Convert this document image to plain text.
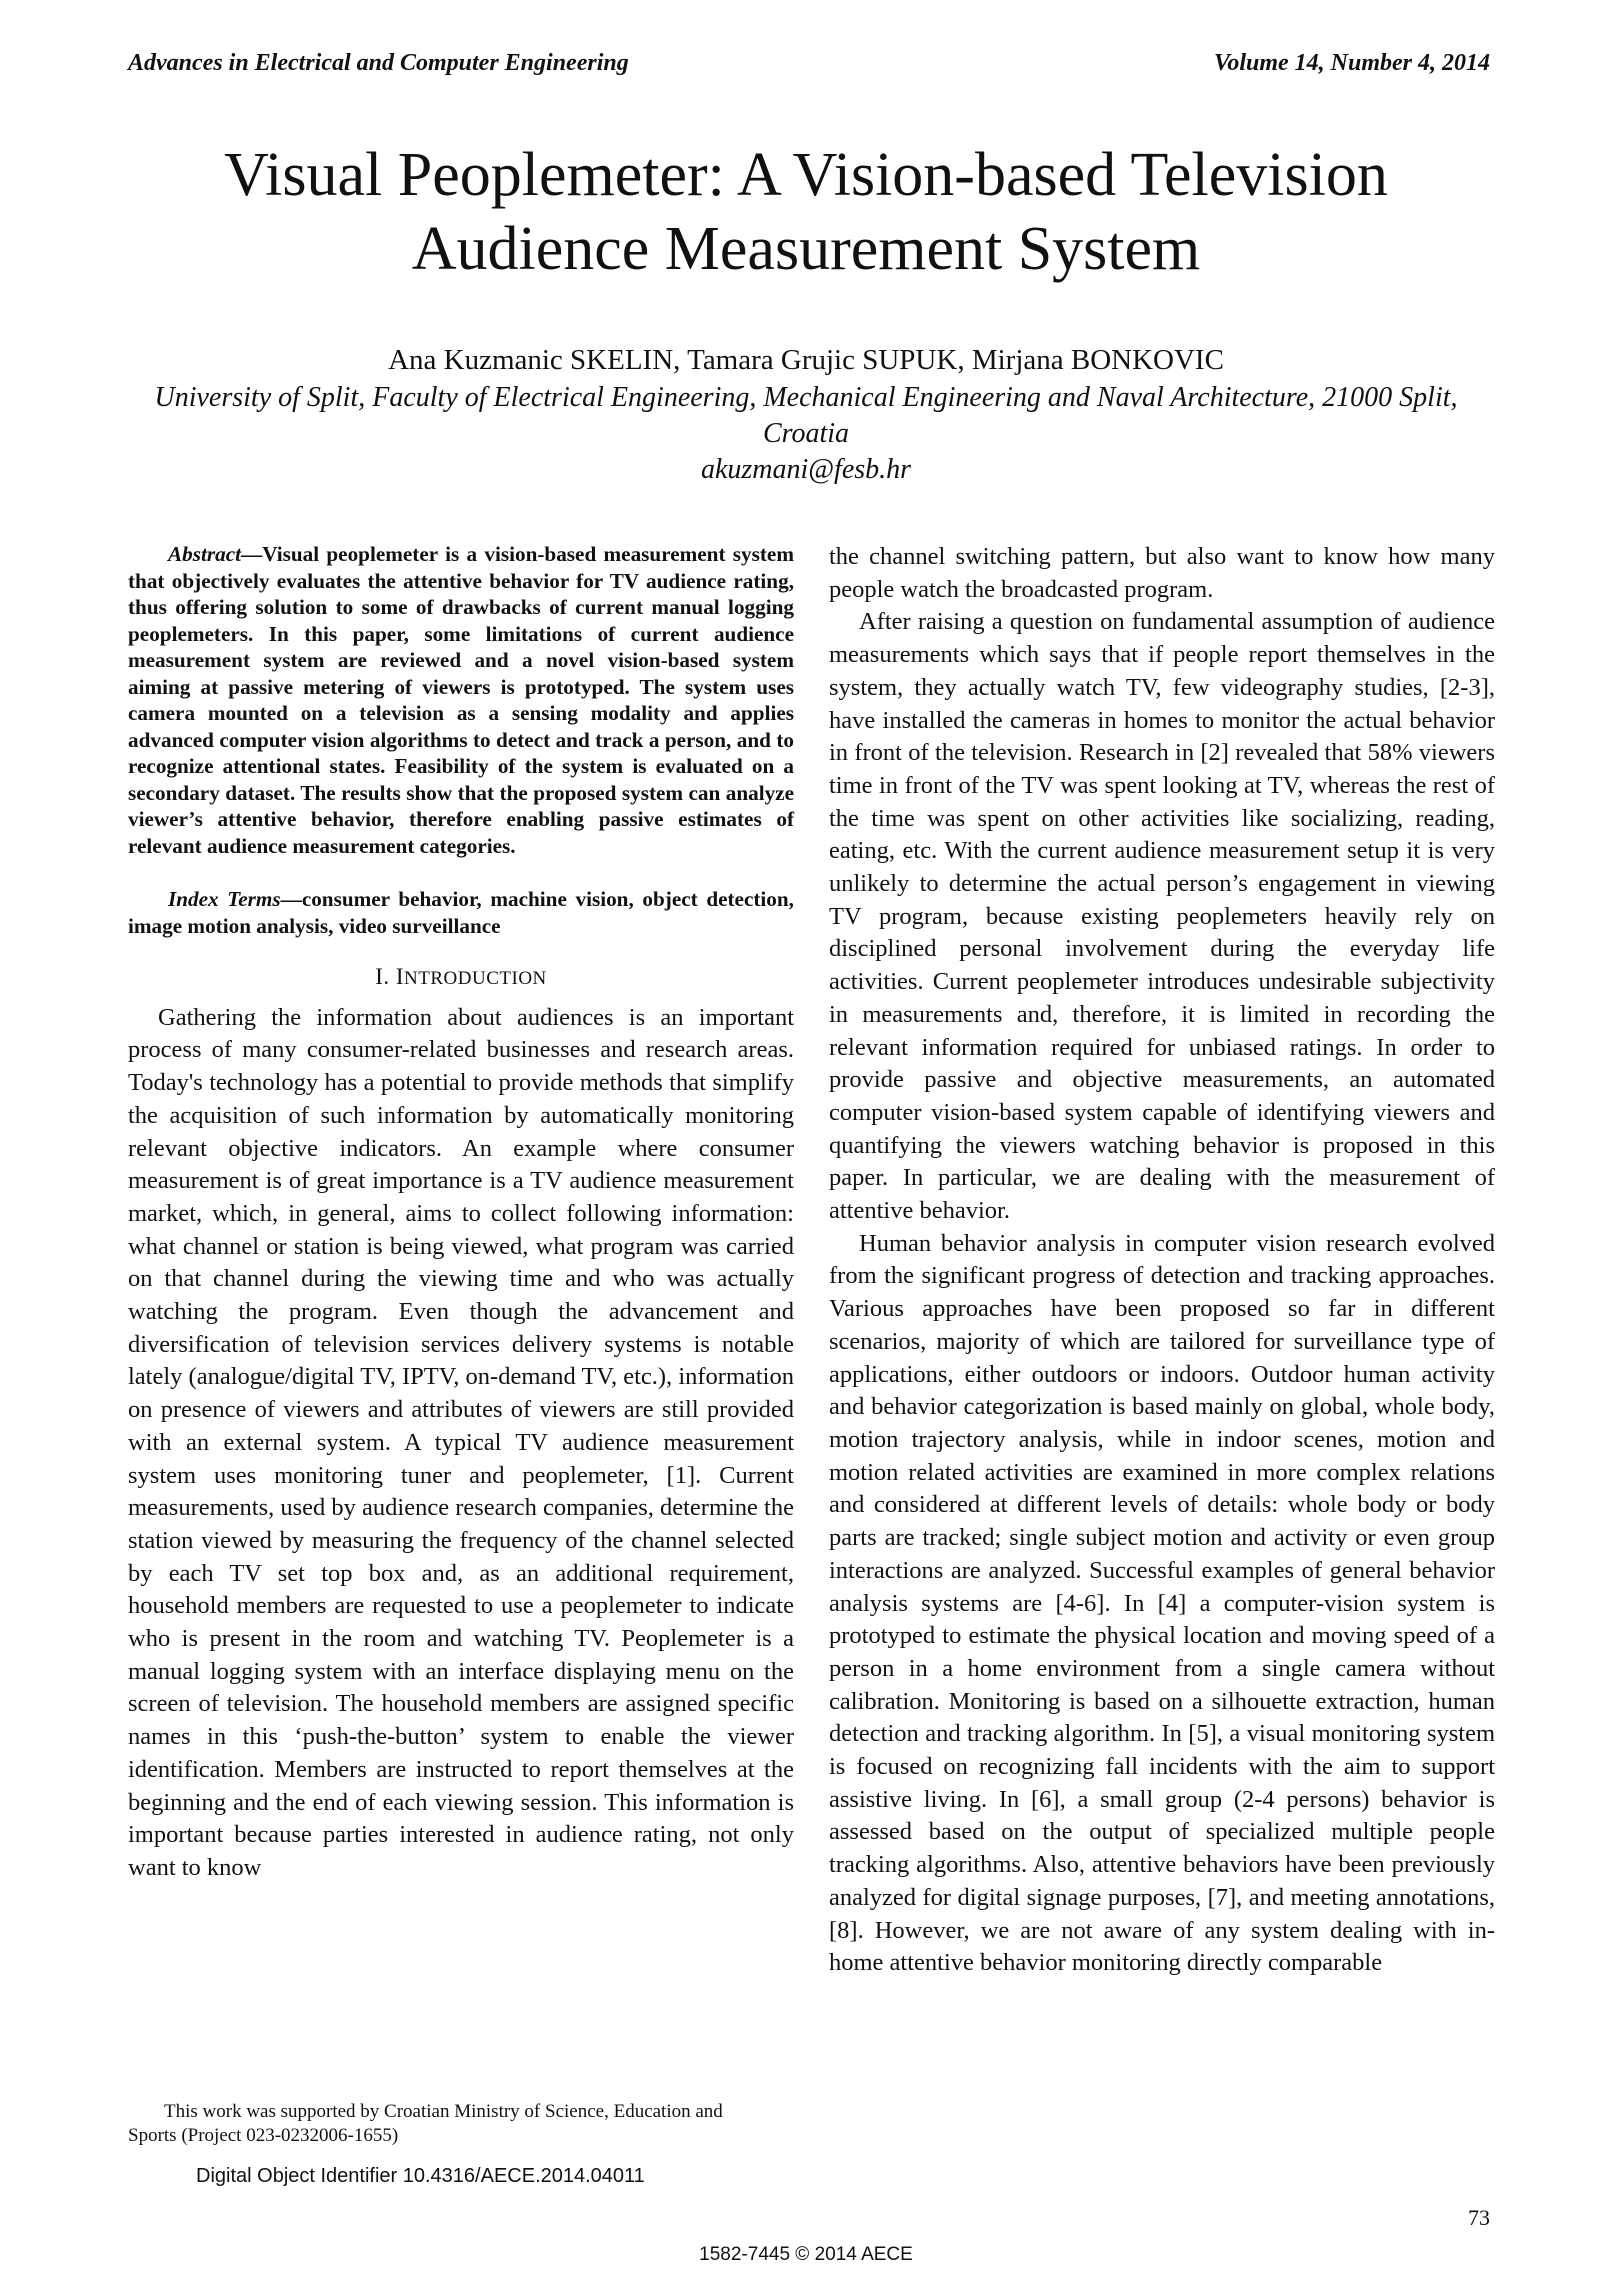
Advances in Electrical and Computer Engineering	Volume 14, Number 4, 2014
Visual Peoplemeter: A Vision-based Television Audience Measurement System
Ana Kuzmanic SKELIN, Tamara Grujic SUPUK, Mirjana BONKOVIC
University of Split, Faculty of Electrical Engineering, Mechanical Engineering and Naval Architecture, 21000 Split, Croatia
akuzmani@fesb.hr

Abstract—Visual peoplemeter is a vision-based measurement system that objectively evaluates the attentive behavior for TV audience rating, thus offering solution to some of drawbacks of current manual logging peoplemeters. In this paper, some limitations of current audience measurement system are reviewed and a novel vision-based system aiming at passive metering of viewers is prototyped. The system uses camera mounted on a television as a sensing modality and applies advanced computer vision algorithms to detect and track a person, and to recognize attentional states. Feasibility of the system is evaluated on a secondary dataset. The results show that the proposed system can analyze viewer’s attentive behavior, therefore enabling passive estimates of relevant audience measurement categories.

Index Terms—consumer behavior, machine vision, object detection, image motion analysis, video surveillance

I. INTRODUCTION

Gathering the information about audiences is an important process of many consumer-related businesses and research areas. Today's technology has a potential to provide methods that simplify the acquisition of such information by automatically monitoring relevant objective indicators. An example where consumer measurement is of great importance is a TV audience measurement market, which, in general, aims to collect following information: what channel or station is being viewed, what program was carried on that channel during the viewing time and who was actually watching the program. Even though the advancement and diversification of television services delivery systems is notable lately (analogue/digital TV, IPTV, on-demand TV, etc.), information on presence of viewers and attributes of viewers are still provided with an external system. A typical TV audience measurement system uses monitoring tuner and peoplemeter, [1]. Current measurements, used by audience research companies, determine the station viewed by measuring the frequency of the channel selected by each TV set top box and, as an additional requirement, household members are requested to use a peoplemeter to indicate who is present in the room and watching TV. Peoplemeter is a manual logging system with an interface displaying menu on the screen of television. The household members are assigned specific names in this ‘push-the-button’ system to enable the viewer identification. Members are instructed to report themselves at the beginning and the end of each viewing session. This information is important because parties interested in audience rating, not only want to know

the channel switching pattern, but also want to know how many people watch the broadcasted program.

After raising a question on fundamental assumption of audience measurements which says that if people report themselves in the system, they actually watch TV, few videography studies, [2-3], have installed the cameras in homes to monitor the actual behavior in front of the television. Research in [2] revealed that 58% viewers time in front of the TV was spent looking at TV, whereas the rest of the time was spent on other activities like socializing, reading, eating, etc. With the current audience measurement setup it is very unlikely to determine the actual person’s engagement in viewing TV program, because existing peoplemeters heavily rely on disciplined personal involvement during the everyday life activities. Current peoplemeter introduces undesirable subjectivity in measurements and, therefore, it is limited in recording the relevant information required for unbiased ratings. In order to provide passive and objective measurements, an automated computer vision-based system capable of identifying viewers and quantifying the viewers watching behavior is proposed in this paper. In particular, we are dealing with the measurement of attentive behavior.

Human behavior analysis in computer vision research evolved from the significant progress of detection and tracking approaches. Various approaches have been proposed so far in different scenarios, majority of which are tailored for surveillance type of applications, either outdoors or indoors. Outdoor human activity and behavior categorization is based mainly on global, whole body, motion trajectory analysis, while in indoor scenes, motion and motion related activities are examined in more complex relations and considered at different levels of details: whole body or body parts are tracked; single subject motion and activity or even group interactions are analyzed. Successful examples of general behavior analysis systems are [4-6]. In [4] a computer-vision system is prototyped to estimate the physical location and moving speed of a person in a home environment from a single camera without calibration. Monitoring is based on a silhouette extraction, human detection and tracking algorithm. In [5], a visual monitoring system is focused on recognizing fall incidents with the aim to support assistive living. In [6], a small group (2-4 persons) behavior is assessed based on the output of specialized multiple people tracking algorithms. Also, attentive behaviors have been previously analyzed for digital signage purposes, [7], and meeting annotations, [8]. However, we are not aware of any system dealing with in-home attentive behavior monitoring directly comparable

This work was supported by Croatian Ministry of Science, Education and Sports (Project 023-0232006-1655)
Digital Object Identifier 10.4316/AECE.2014.04011
73
1582-7445 © 2014 AECE
